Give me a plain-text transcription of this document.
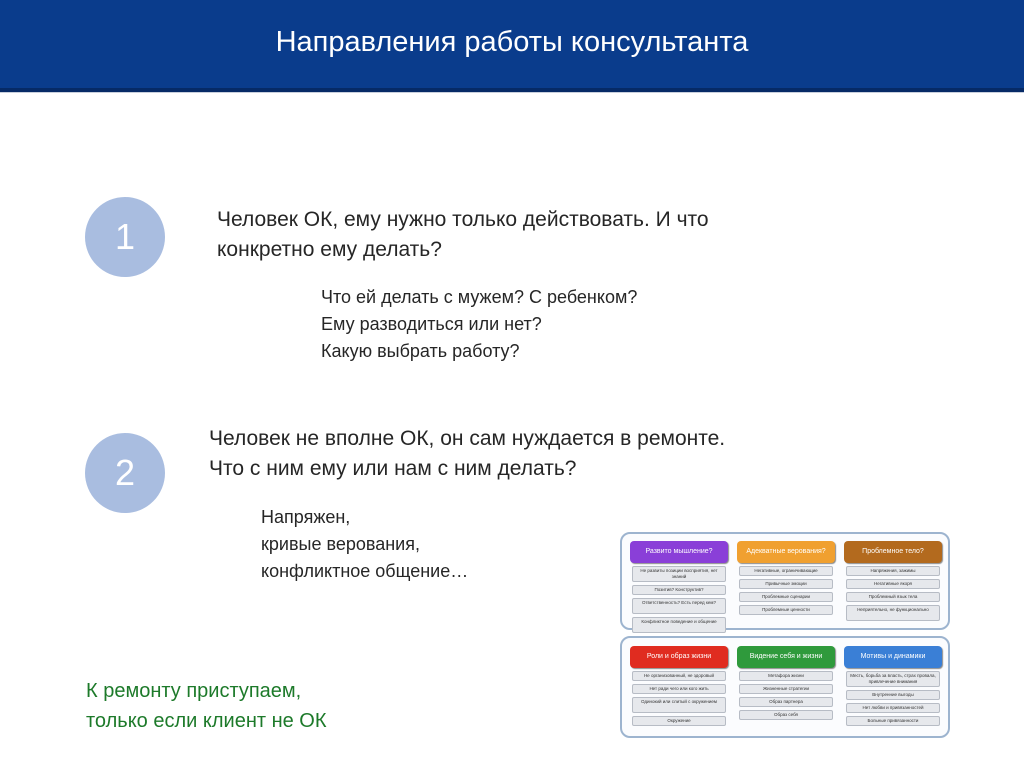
Направления работы консультанта
1	Человек ОК, ему нужно только действовать. И что
конкретно ему делать?
Что ей делать с мужем? С ребенком?
Ему разводиться или нет?
Какую выбрать работу?
2
Человек не вполне ОК, он сам нуждается в ремонте.
Что с ним ему или нам с ним делать?
Напряжен,
кривые верования,
конфликтное общение…
К ремонту приступаем,
только если клиент не ОК
Развито мышление?
Не развиты позиции восприятия, нет знаний
Позитив? Конструктив?
Ответственность? Есть перед кем?
Конфликтное поведение и общение
Адекватные верования?
Негативные, ограничивающие
Привычные эмоции
Проблемные сценарии
Проблемные ценности
Проблемное тело?
Напряжения, зажимы
Негативные якоря
Проблемный язык тела
Неприятельно, не функционально
Роли и образ жизни
Не организованный, не здоровый
Нет ради чего или кого жить
Одинокий или слитый с окружением
Окружение
Видение себя и жизни
Метафора жизни
Жизненные стратегии
Образ партнера
Образ себя
Мотивы и динамики
Месть, борьба за власть, страх провала, привлечение внимания
Внутренние выгоды
Нет любви и привязанностей
Больные привязанности
